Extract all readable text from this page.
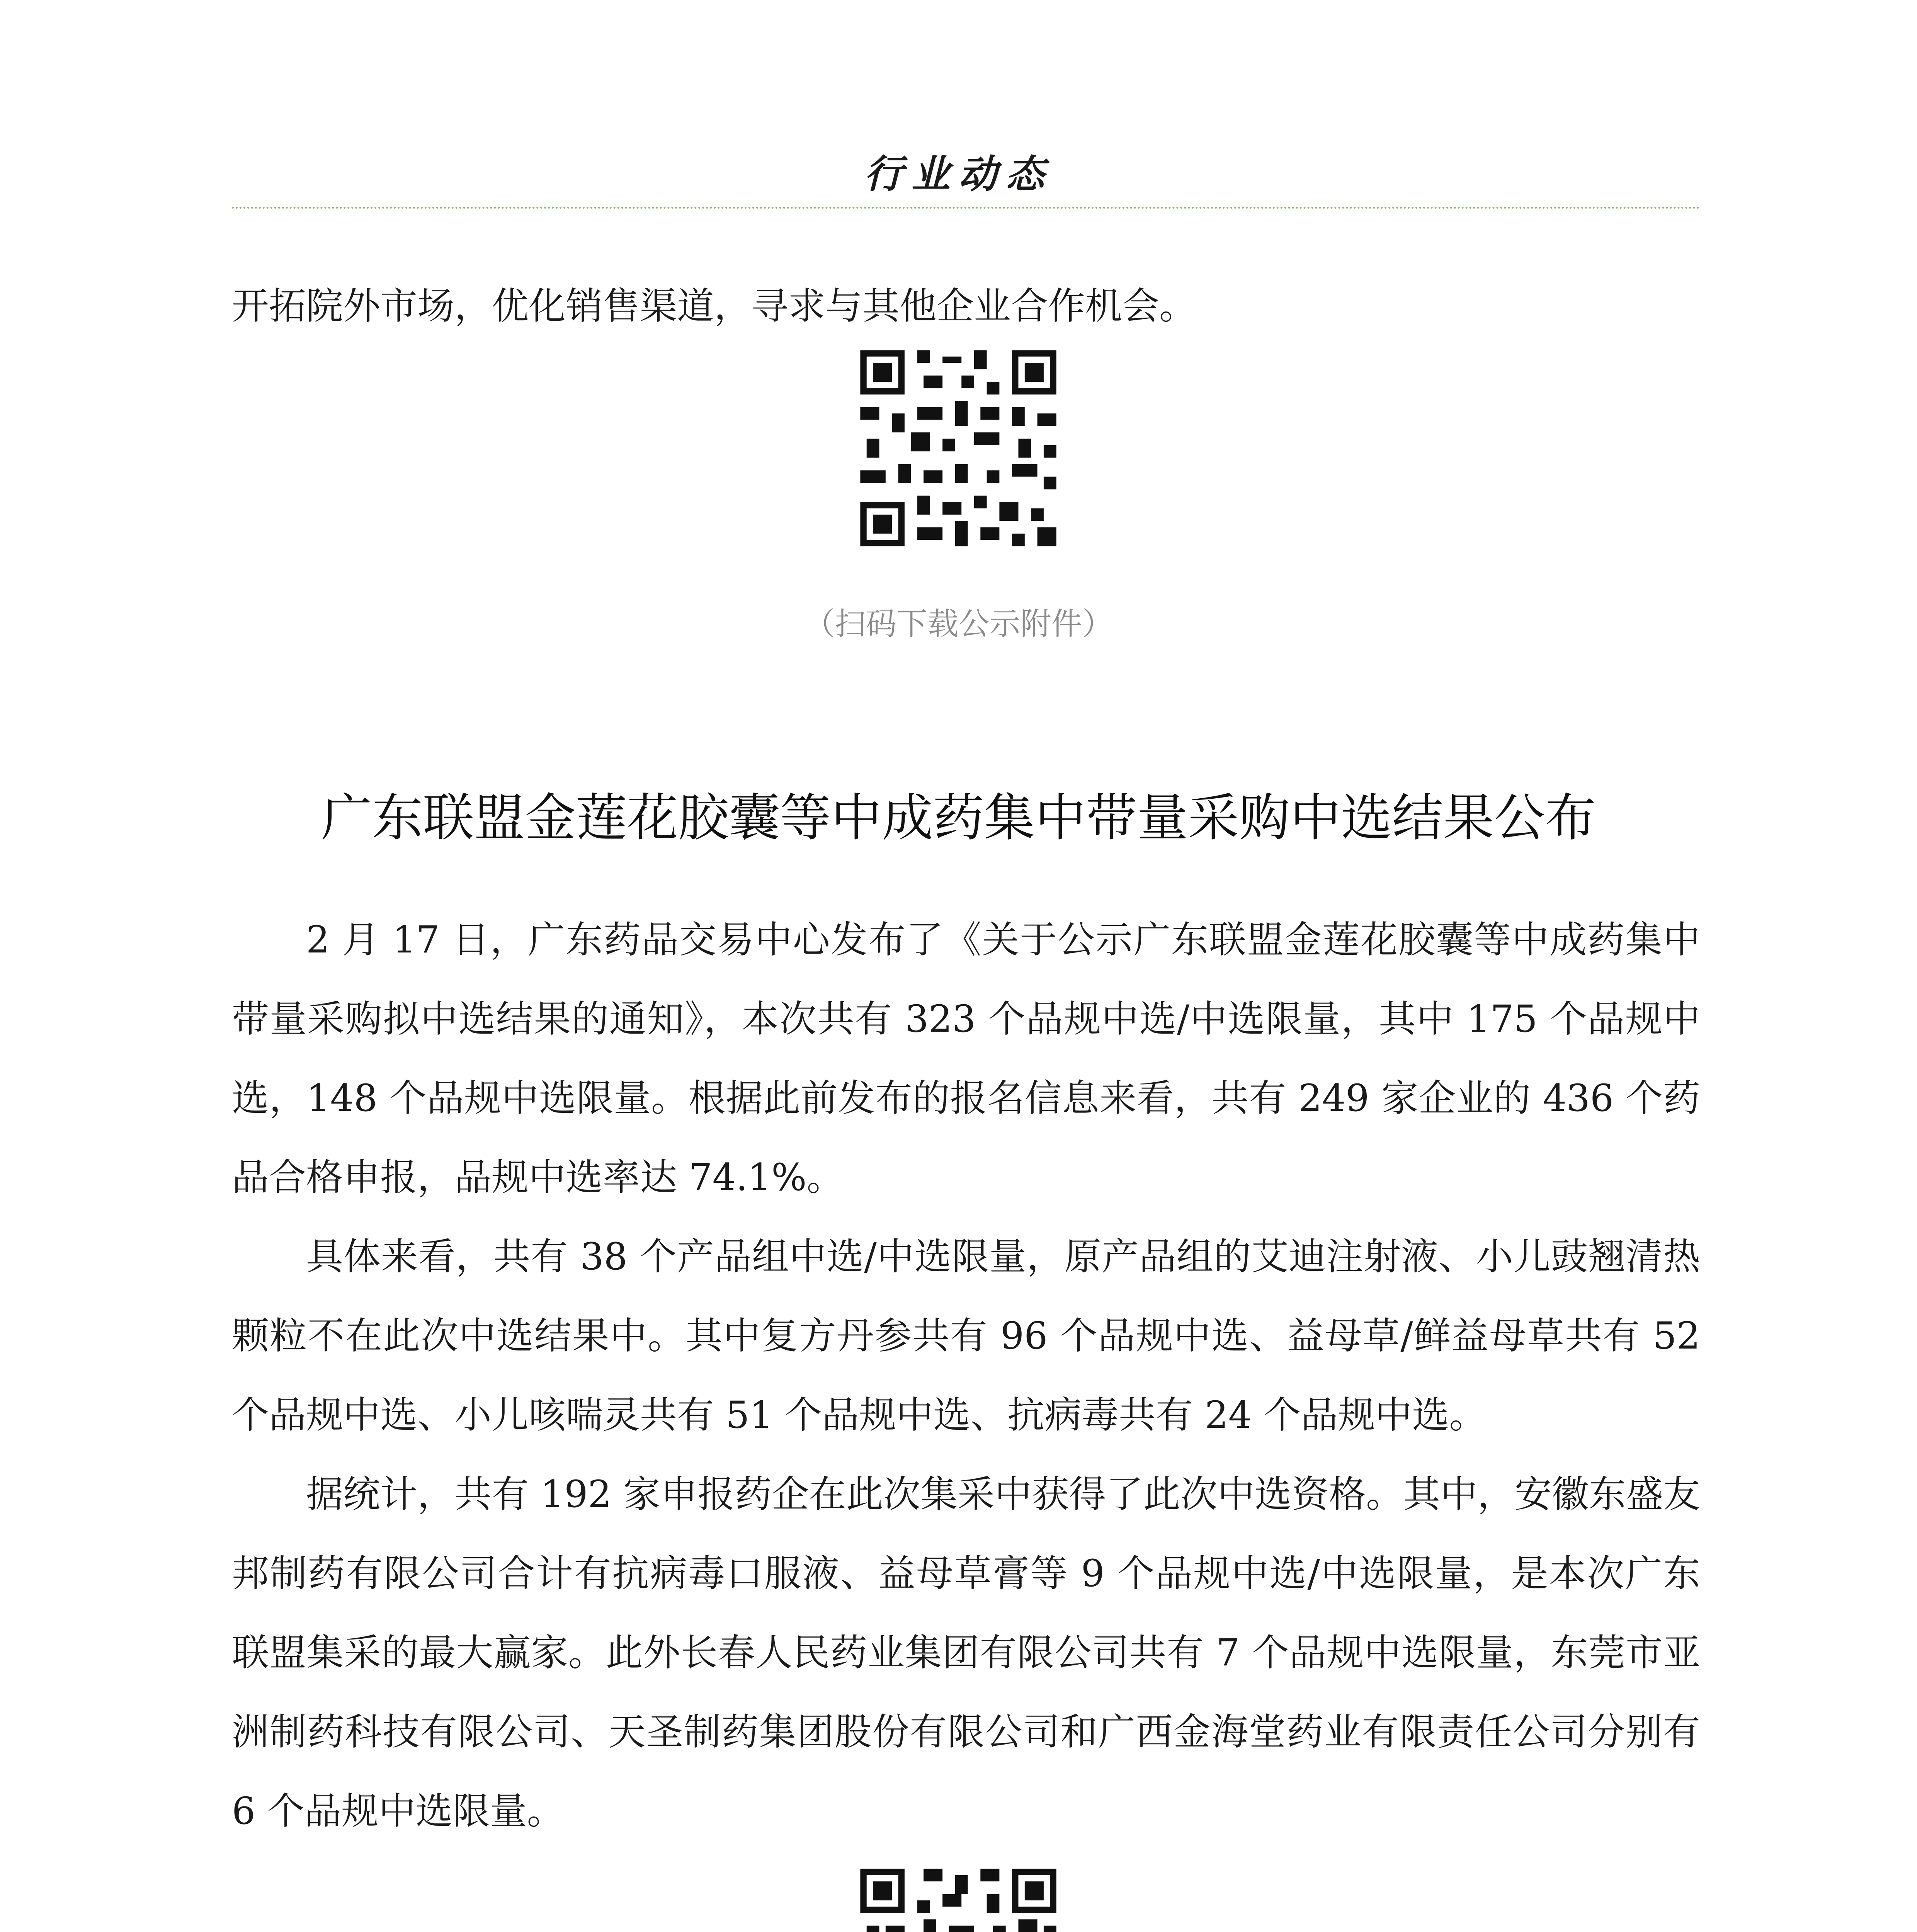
行业动态
开拓院外市场，优化销售渠道，寻求与其他企业合作机会。
（扫码下载公示附件）
广东联盟金莲花胶囊等中成药集中带量采购中选结果公布
2 月 17 日，广东药品交易中心发布了《关于公示广东联盟金莲花胶囊等中成药集中带量采购拟中选结果的通知》，本次共有 323 个品规中选/中选限量，其中 175 个品规中选，148 个品规中选限量。根据此前发布的报名信息来看，共有 249 家企业的 436 个药品合格申报，品规中选率达 74.1%。
具体来看，共有 38 个产品组中选/中选限量，原产品组的艾迪注射液、小儿豉翘清热颗粒不在此次中选结果中。其中复方丹参共有 96 个品规中选、益母草/鲜益母草共有 52 个品规中选、小儿咳喘灵共有 51 个品规中选、抗病毒共有 24 个品规中选。
据统计，共有 192 家申报药企在此次集采中获得了此次中选资格。其中，安徽东盛友邦制药有限公司合计有抗病毒口服液、益母草膏等 9 个品规中选/中选限量，是本次广东联盟集采的最大赢家。此外长春人民药业集团有限公司共有 7 个品规中选限量，东莞市亚洲制药科技有限公司、天圣制药集团股份有限公司和广西金海堂药业有限责任公司分别有 6 个品规中选限量。
